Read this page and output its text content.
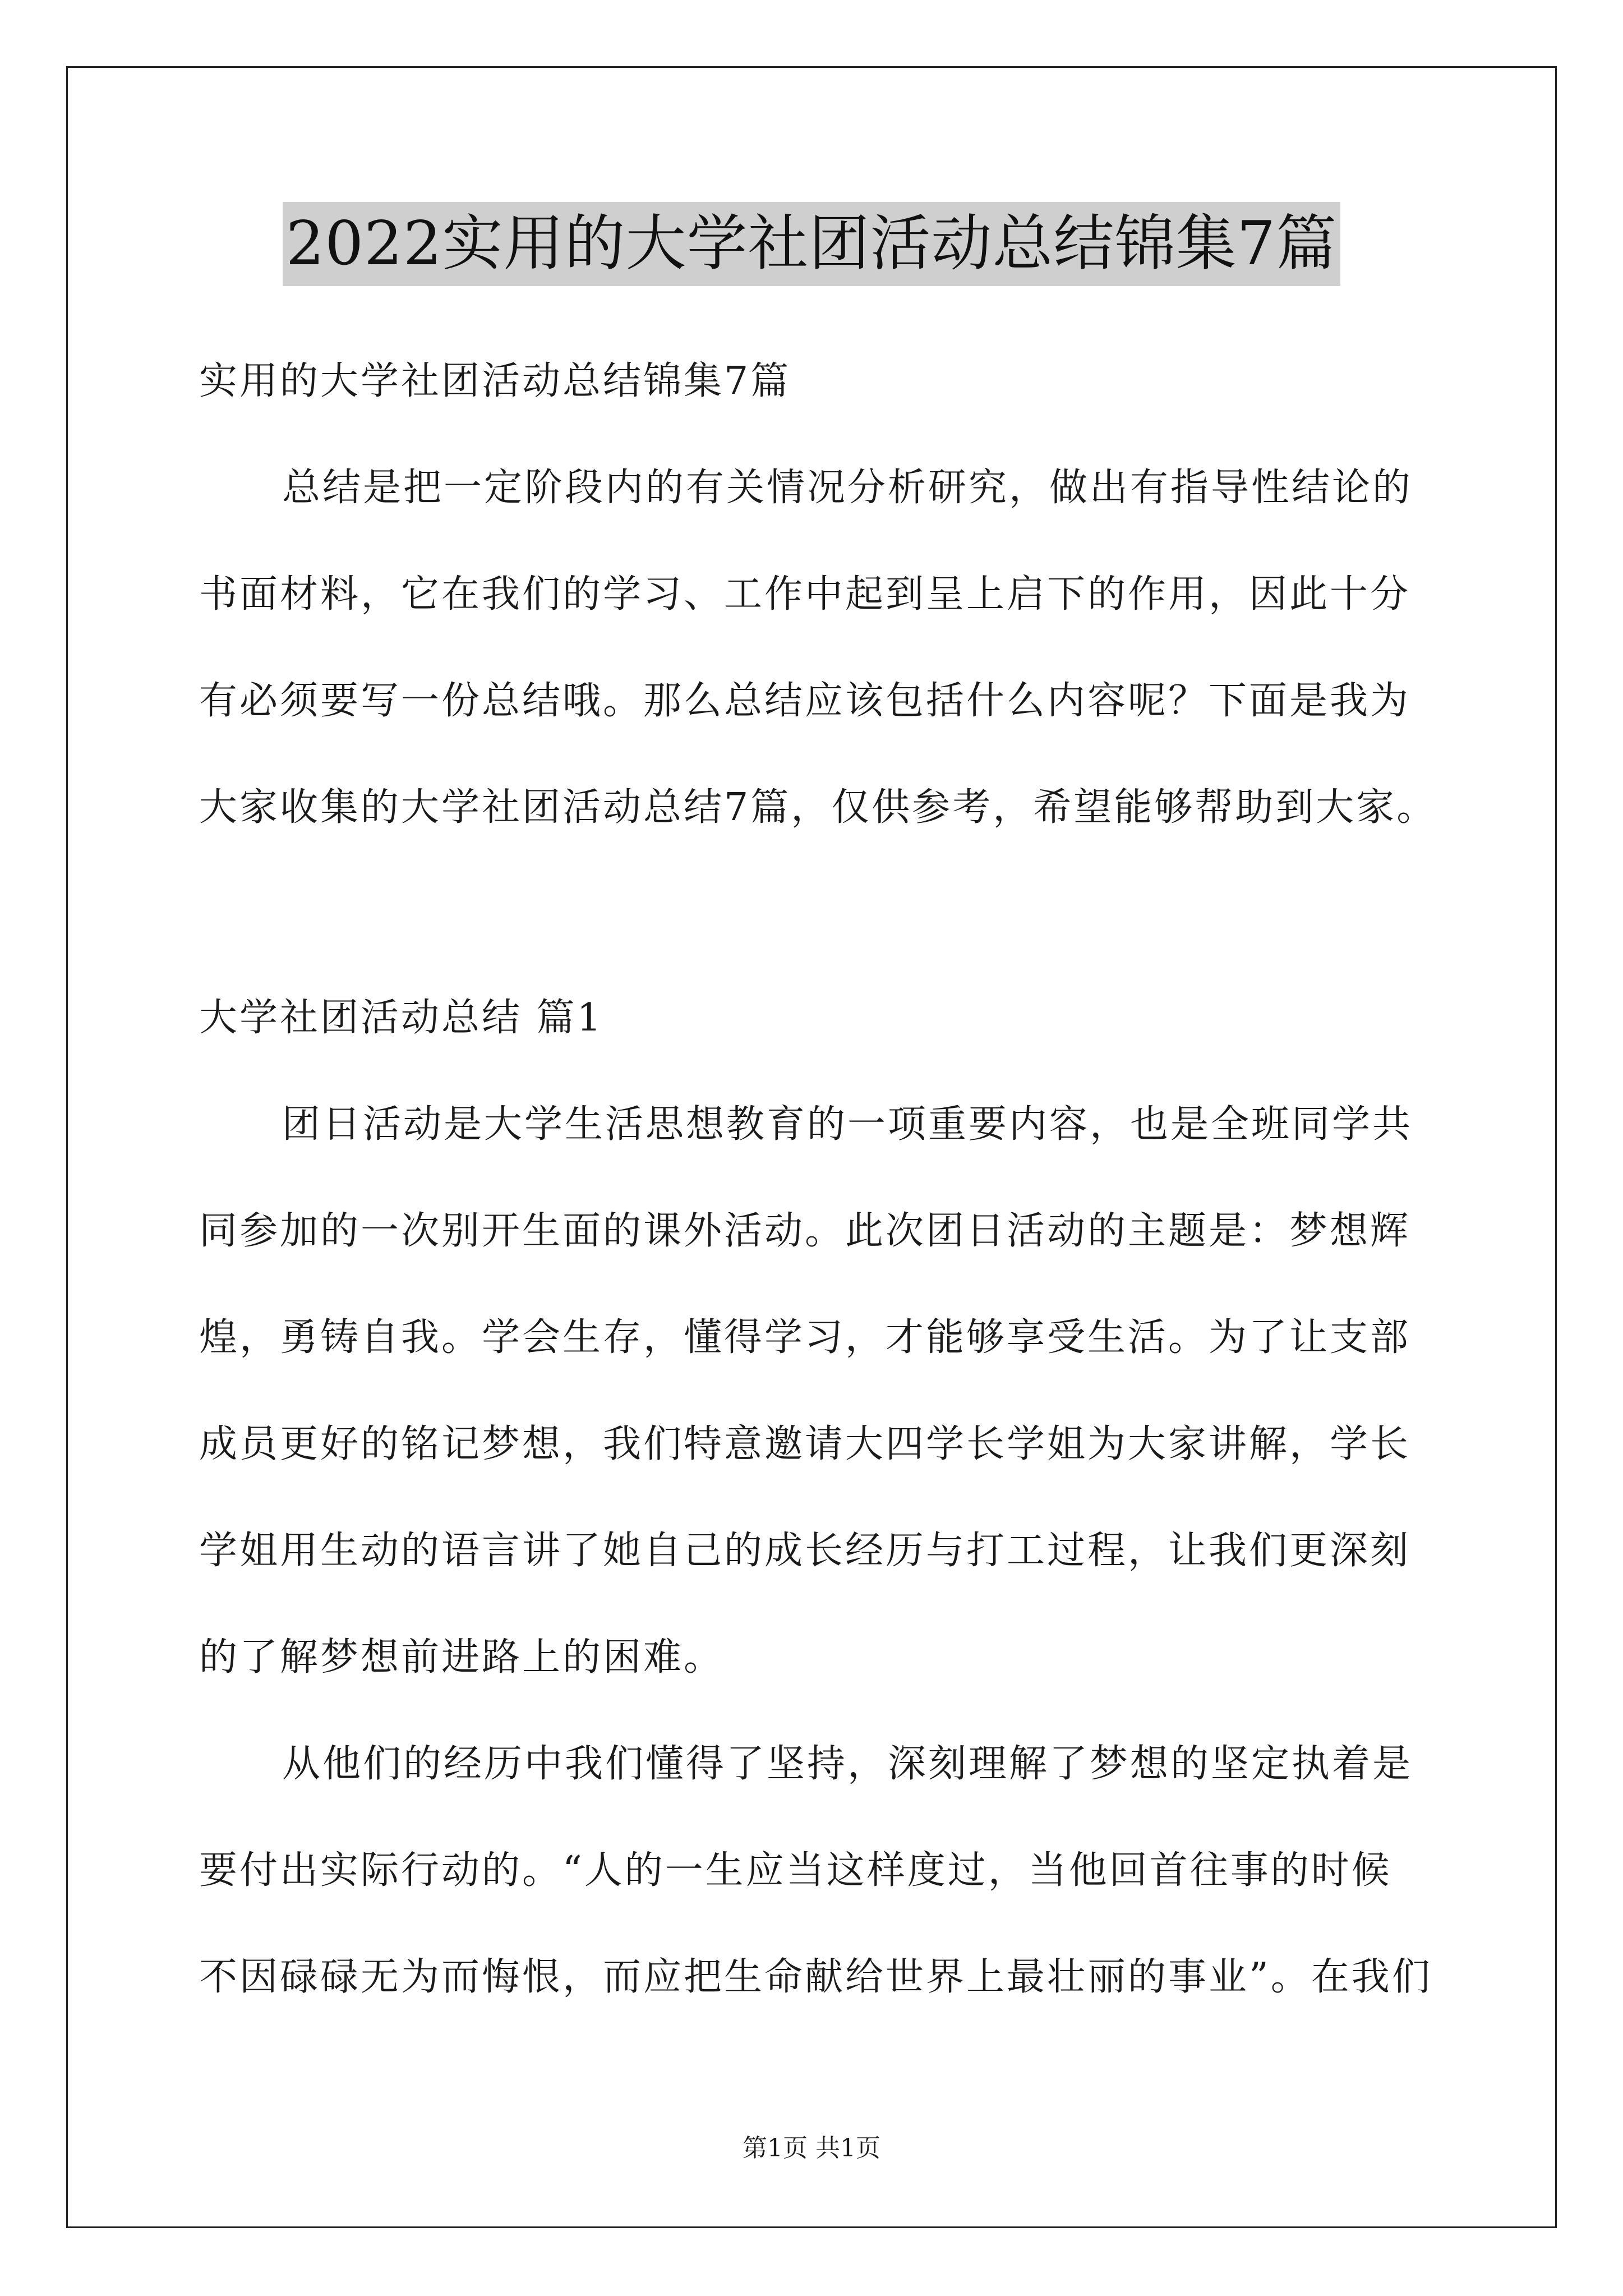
2022实用的大学社团活动总结锦集7篇
实用的大学社团活动总结锦集7篇
总结是把一定阶段内的有关情况分析研究，做出有指导性结论的
书面材料，它在我们的学习、工作中起到呈上启下的作用，因此十分
有必须要写一份总结哦。那么总结应该包括什么内容呢？下面是我为
大家收集的大学社团活动总结7篇，仅供参考，希望能够帮助到大家。
大学社团活动总结 篇1
团日活动是大学生活思想教育的一项重要内容，也是全班同学共
同参加的一次别开生面的课外活动。此次团日活动的主题是：梦想辉
煌，勇铸自我。学会生存，懂得学习，才能够享受生活。为了让支部
成员更好的铭记梦想，我们特意邀请大四学长学姐为大家讲解，学长
学姐用生动的语言讲了她自己的成长经历与打工过程，让我们更深刻
的了解梦想前进路上的困难。
从他们的经历中我们懂得了坚持，深刻理解了梦想的坚定执着是
要付出实际行动的。“人的一生应当这样度过，当他回首往事的时候
不因碌碌无为而悔恨，而应把生命献给世界上最壮丽的事业”。在我们
第1页 共1页
